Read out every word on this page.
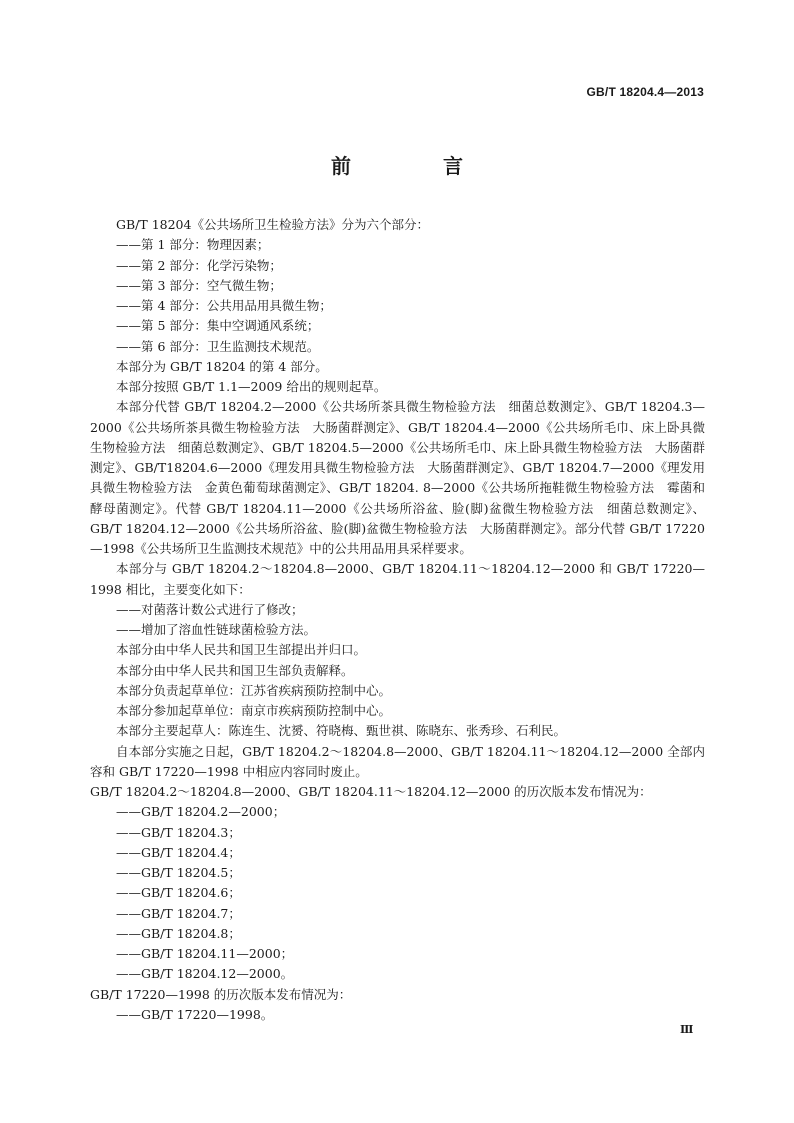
GB/T 18204.4—2013
前　言

GB/T 18204《公共场所卫生检验方法》分为六个部分：

——第 1 部分：物理因素；

——第 2 部分：化学污染物；

——第 3 部分：空气微生物；

——第 4 部分：公共用品用具微生物；

——第 5 部分：集中空调通风系统；

——第 6 部分：卫生监测技术规范。

本部分为 GB/T 18204 的第 4 部分。

本部分按照 GB/T 1.1—2009 给出的规则起草。

本部分代替 GB/T 18204.2—2000《公共场所茶具微生物检验方法　细菌总数测定》、GB/T 18204.3—2000《公共场所茶具微生物检验方法　大肠菌群测定》、GB/T 18204.4—2000《公共场所毛巾、床上卧具微生物检验方法　细菌总数测定》、GB/T 18204.5—2000《公共场所毛巾、床上卧具微生物检验方法　大肠菌群测定》、GB/T18204.6—2000《理发用具微生物检验方法　大肠菌群测定》、GB/T 18204.7—2000《理发用具微生物检验方法　金黄色葡萄球菌测定》、GB/T 18204. 8—2000《公共场所拖鞋微生物检验方法　霉菌和酵母菌测定》。代替 GB/T 18204.11—2000《公共场所浴盆、脸(脚)盆微生物检验方法　细菌总数测定》、GB/T 18204.12—2000《公共场所浴盆、脸(脚)盆微生物检验方法　大肠菌群测定》。部分代替 GB/T 17220—1998《公共场所卫生监测技术规范》中的公共用品用具采样要求。

本部分与 GB/T 18204.2～18204.8—2000、GB/T 18204.11～18204.12—2000 和 GB/T 17220—1998 相比，主要变化如下：

——对菌落计数公式进行了修改；

——增加了溶血性链球菌检验方法。

本部分由中华人民共和国卫生部提出并归口。

本部分由中华人民共和国卫生部负责解释。

本部分负责起草单位：江苏省疾病预防控制中心。

本部分参加起草单位：南京市疾病预防控制中心。

本部分主要起草人：陈连生、沈赟、符晓梅、甄世祺、陈晓东、张秀珍、石利民。

自本部分实施之日起，GB/T 18204.2～18204.8—2000、GB/T 18204.11～18204.12—2000 全部内容和 GB/T 17220—1998 中相应内容同时废止。

GB/T 18204.2～18204.8—2000、GB/T 18204.11～18204.12—2000 的历次版本发布情况为：

——GB/T 18204.2—2000；

——GB/T 18204.3；

——GB/T 18204.4；

——GB/T 18204.5；

——GB/T 18204.6；

——GB/T 18204.7；

——GB/T 18204.8；

——GB/T 18204.11—2000；

——GB/T 18204.12—2000。

GB/T 17220—1998 的历次版本发布情况为：

——GB/T 17220—1998。

Ⅲ
